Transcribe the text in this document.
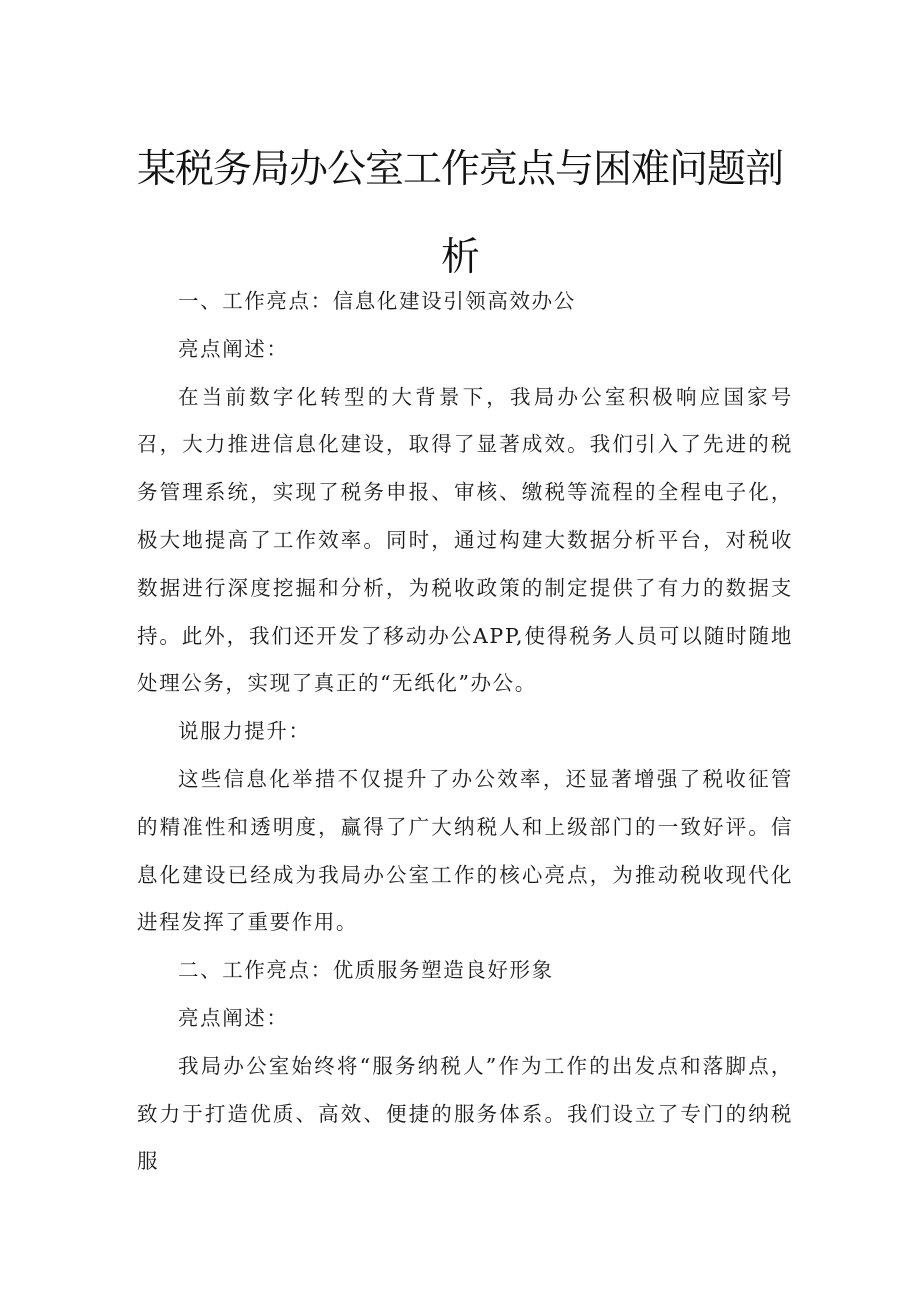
某税务局办公室工作亮点与困难问题剖
析

一、工作亮点：信息化建设引领高效办公

亮点阐述：

在当前数字化转型的大背景下，我局办公室积极响应国家号召，大力推进信息化建设，取得了显著成效。我们引入了先进的税务管理系统，实现了税务申报、审核、缴税等流程的全程电子化，极大地提高了工作效率。同时，通过构建大数据分析平台，对税收数据进行深度挖掘和分析，为税收政策的制定提供了有力的数据支持。此外，我们还开发了移动办公APP,使得税务人员可以随时随地处理公务，实现了真正的“无纸化”办公。

说服力提升：

这些信息化举措不仅提升了办公效率，还显著增强了税收征管的精准性和透明度，赢得了广大纳税人和上级部门的一致好评。信息化建设已经成为我局办公室工作的核心亮点，为推动税收现代化进程发挥了重要作用。

二、工作亮点：优质服务塑造良好形象

亮点阐述：

我局办公室始终将“服务纳税人”作为工作的出发点和落脚点，致力于打造优质、高效、便捷的服务体系。我们设立了专门的纳税服
